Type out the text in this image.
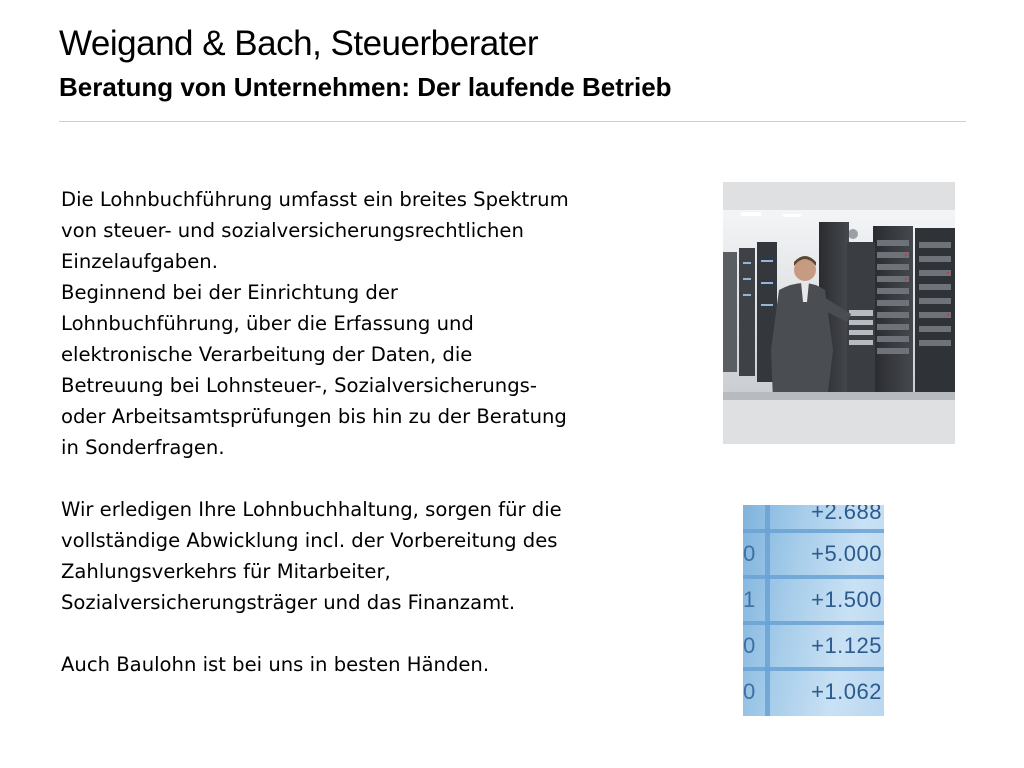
Weigand & Bach, Steuerberater
Beratung von Unternehmen: Der laufende Betrieb

Die Lohnbuchführung umfasst ein breites Spektrum
von steuer- und sozialversicherungsrechtlichen
Einzelaufgaben.
Beginnend bei der Einrichtung der
Lohnbuchführung, über die Erfassung und
elektronische Verarbeitung der Daten, die
Betreuung bei Lohnsteuer-, Sozialversicherungs-
oder Arbeitsamtsprüfungen bis hin zu der Beratung
in Sonderfragen.

Wir erledigen Ihre Lohnbuchhaltung, sorgen für die
vollständige Abwicklung incl. der Vorbereitung des
Zahlungsverkehrs für Mitarbeiter,
Sozialversicherungsträger und das Finanzamt.

Auch Baulohn ist bei uns in besten Händen.

+2.688
+5.000
+1.500
+1.125
+1.062
0
1
0
0
